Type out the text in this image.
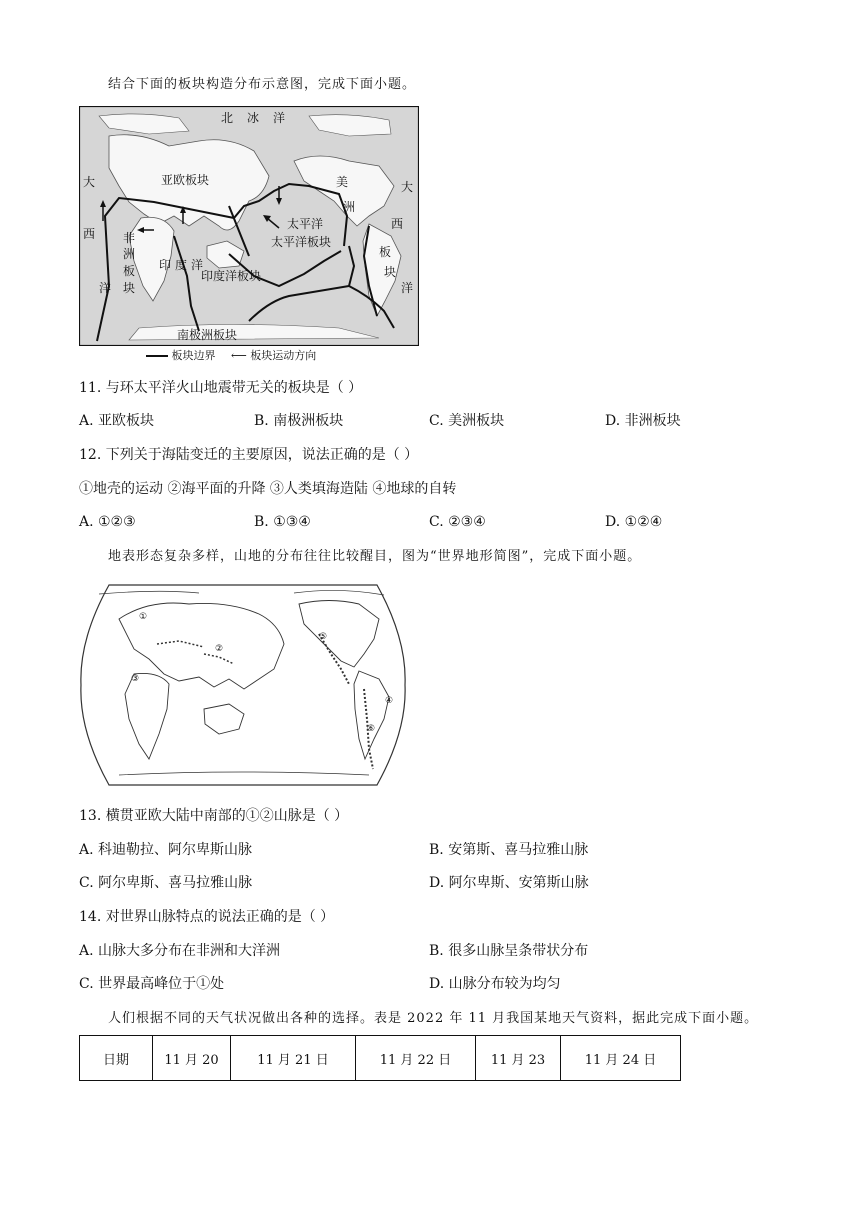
结合下面的板块构造分布示意图，完成下面小题。
北 冰 洋
亚欧板块	美
洲
大
西
洋
大
西
洋
非
洲
板
块
印 度 洋
印度洋板块
太平洋
太平洋板块
板
块
南极洲板块
板块边界 ⟵ 板块运动方向
11. 与环太平洋火山地震带无关的板块是（ ）
A. 亚欧板块	B. 南极洲板块	C. 美洲板块	D. 非洲板块
12. 下列关于海陆变迁的主要原因，说法正确的是（ ）
①地壳的运动 ②海平面的升降 ③人类填海造陆 ④地球的自转
A. ①②③	B. ①③④	C. ②③④	D. ①②④
地表形态复杂多样，山地的分布往往比较醒目，图为“世界地形简图”，完成下面小题。
①
②
③
④
⑤
⑥
13. 横贯亚欧大陆中南部的①②山脉是（ ）
A. 科迪勒拉、阿尔卑斯山脉	B. 安第斯、喜马拉雅山脉
C. 阿尔卑斯、喜马拉雅山脉	D. 阿尔卑斯、安第斯山脉
14. 对世界山脉特点的说法正确的是（ ）
A. 山脉大多分布在非洲和大洋洲	B. 很多山脉呈条带状分布
C. 世界最高峰位于①处	D. 山脉分布较为均匀
人们根据不同的天气状况做出各种的选择。表是 2022 年 11 月我国某地天气资料，据此完成下面小题。
日期	11 月 20	11 月 21 日	11 月 22 日	11 月 23	11 月 24 日
